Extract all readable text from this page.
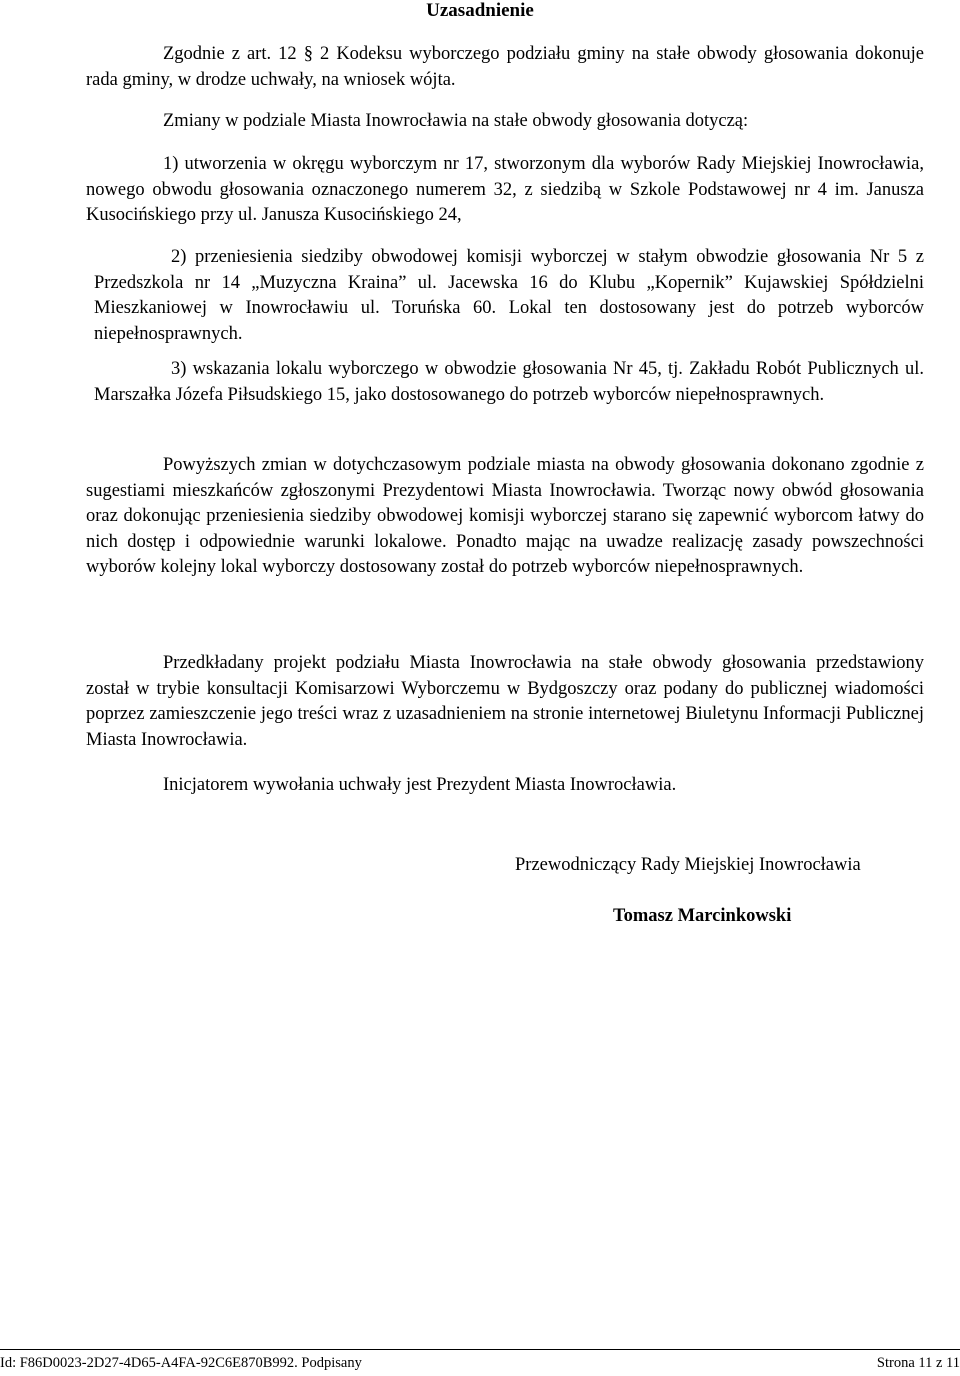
Uzasadnienie

Zgodnie z art. 12 § 2 Kodeksu wyborczego podziału gminy na stałe obwody głosowania dokonuje rada gminy, w drodze uchwały, na wniosek wójta.

Zmiany w podziale Miasta Inowrocławia na stałe obwody głosowania dotyczą:

1) utworzenia w okręgu wyborczym nr 17, stworzonym dla wyborów Rady Miejskiej Inowrocławia, nowego obwodu głosowania oznaczonego numerem 32, z siedzibą w Szkole Podstawowej nr 4 im. Janusza Kusocińskiego przy ul. Janusza Kusocińskiego 24,

2) przeniesienia siedziby obwodowej komisji wyborczej w stałym obwodzie głosowania Nr 5 z Przedszkola nr 14 „Muzyczna Kraina” ul. Jacewska 16 do Klubu „Kopernik” Kujawskiej Spółdzielni Mieszkaniowej w Inowrocławiu ul. Toruńska 60. Lokal ten dostosowany jest do potrzeb wyborców niepełnosprawnych.

3) wskazania lokalu wyborczego w obwodzie głosowania Nr 45, tj. Zakładu Robót Publicznych ul. Marszałka Józefa Piłsudskiego 15, jako dostosowanego do potrzeb wyborców niepełnosprawnych.

Powyższych zmian w dotychczasowym podziale miasta na obwody głosowania dokonano zgodnie z sugestiami mieszkańców zgłoszonymi Prezydentowi Miasta Inowrocławia. Tworząc nowy obwód głosowania oraz dokonując przeniesienia siedziby obwodowej komisji wyborczej starano się zapewnić wyborcom łatwy do nich dostęp i odpowiednie warunki lokalowe. Ponadto mając na uwadze realizację zasady powszechności wyborów kolejny lokal wyborczy dostosowany został do potrzeb wyborców niepełnosprawnych.

Przedkładany projekt podziału Miasta Inowrocławia na stałe obwody głosowania przedstawiony został w trybie konsultacji Komisarzowi Wyborczemu w Bydgoszczy oraz podany do publicznej wiadomości poprzez zamieszczenie jego treści wraz z uzasadnieniem na stronie internetowej Biuletynu Informacji Publicznej Miasta Inowrocławia.

Inicjatorem wywołania uchwały jest Prezydent Miasta Inowrocławia.

Przewodniczący Rady Miejskiej Inowrocławia
Tomasz Marcinkowski
Id: F86D0023-2D27-4D65-A4FA-92C6E870B992. Podpisany	Strona 11 z 11
